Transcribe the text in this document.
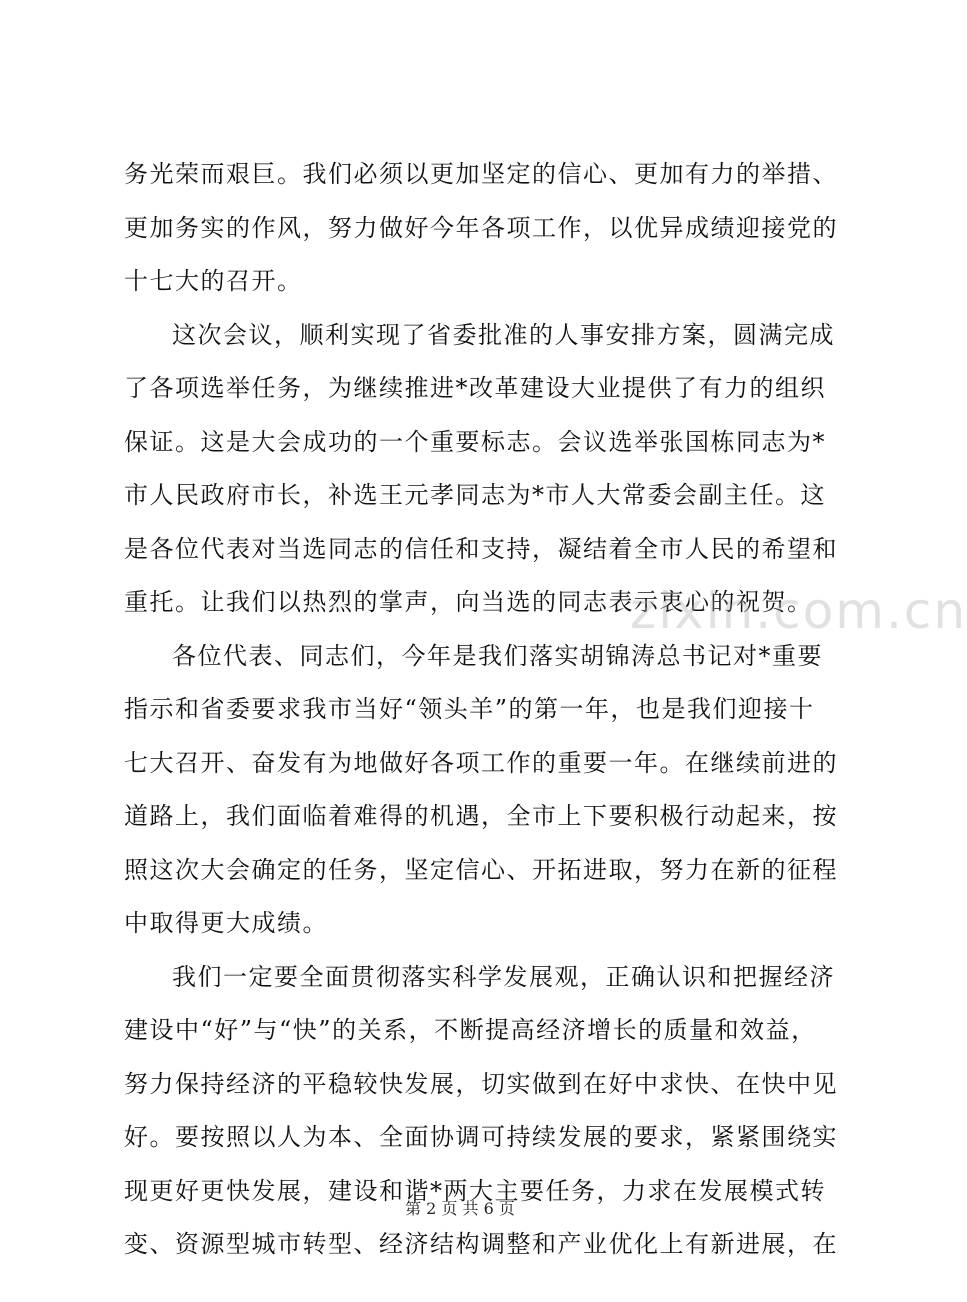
务光荣而艰巨。我们必须以更加坚定的信心、更加有力的举措、
更加务实的作风，努力做好今年各项工作，以优异成绩迎接党的
十七大的召开。
这次会议，顺利实现了省委批准的人事安排方案，圆满完成
了各项选举任务，为继续推进*改革建设大业提供了有力的组织
保证。这是大会成功的一个重要标志。会议选举张国栋同志为*
市人民政府市长，补选王元孝同志为*市人大常委会副主任。这
是各位代表对当选同志的信任和支持，凝结着全市人民的希望和
重托。让我们以热烈的掌声，向当选的同志表示衷心的祝贺。
各位代表、同志们，今年是我们落实胡锦涛总书记对*重要
指示和省委要求我市当好“领头羊”的第一年，也是我们迎接十
七大召开、奋发有为地做好各项工作的重要一年。在继续前进的
道路上，我们面临着难得的机遇，全市上下要积极行动起来，按
照这次大会确定的任务，坚定信心、开拓进取，努力在新的征程
中取得更大成绩。
我们一定要全面贯彻落实科学发展观，正确认识和把握经济
建设中“好”与“快”的关系，不断提高经济增长的质量和效益，
努力保持经济的平稳较快发展，切实做到在好中求快、在快中见
好。要按照以人为本、全面协调可持续发展的要求，紧紧围绕实
现更好更快发展，建设和谐*两大主要任务，力求在发展模式转
变、资源型城市转型、经济结构调整和产业优化上有新进展，在
zixin.com.cn
第 2 页 共 6 页
